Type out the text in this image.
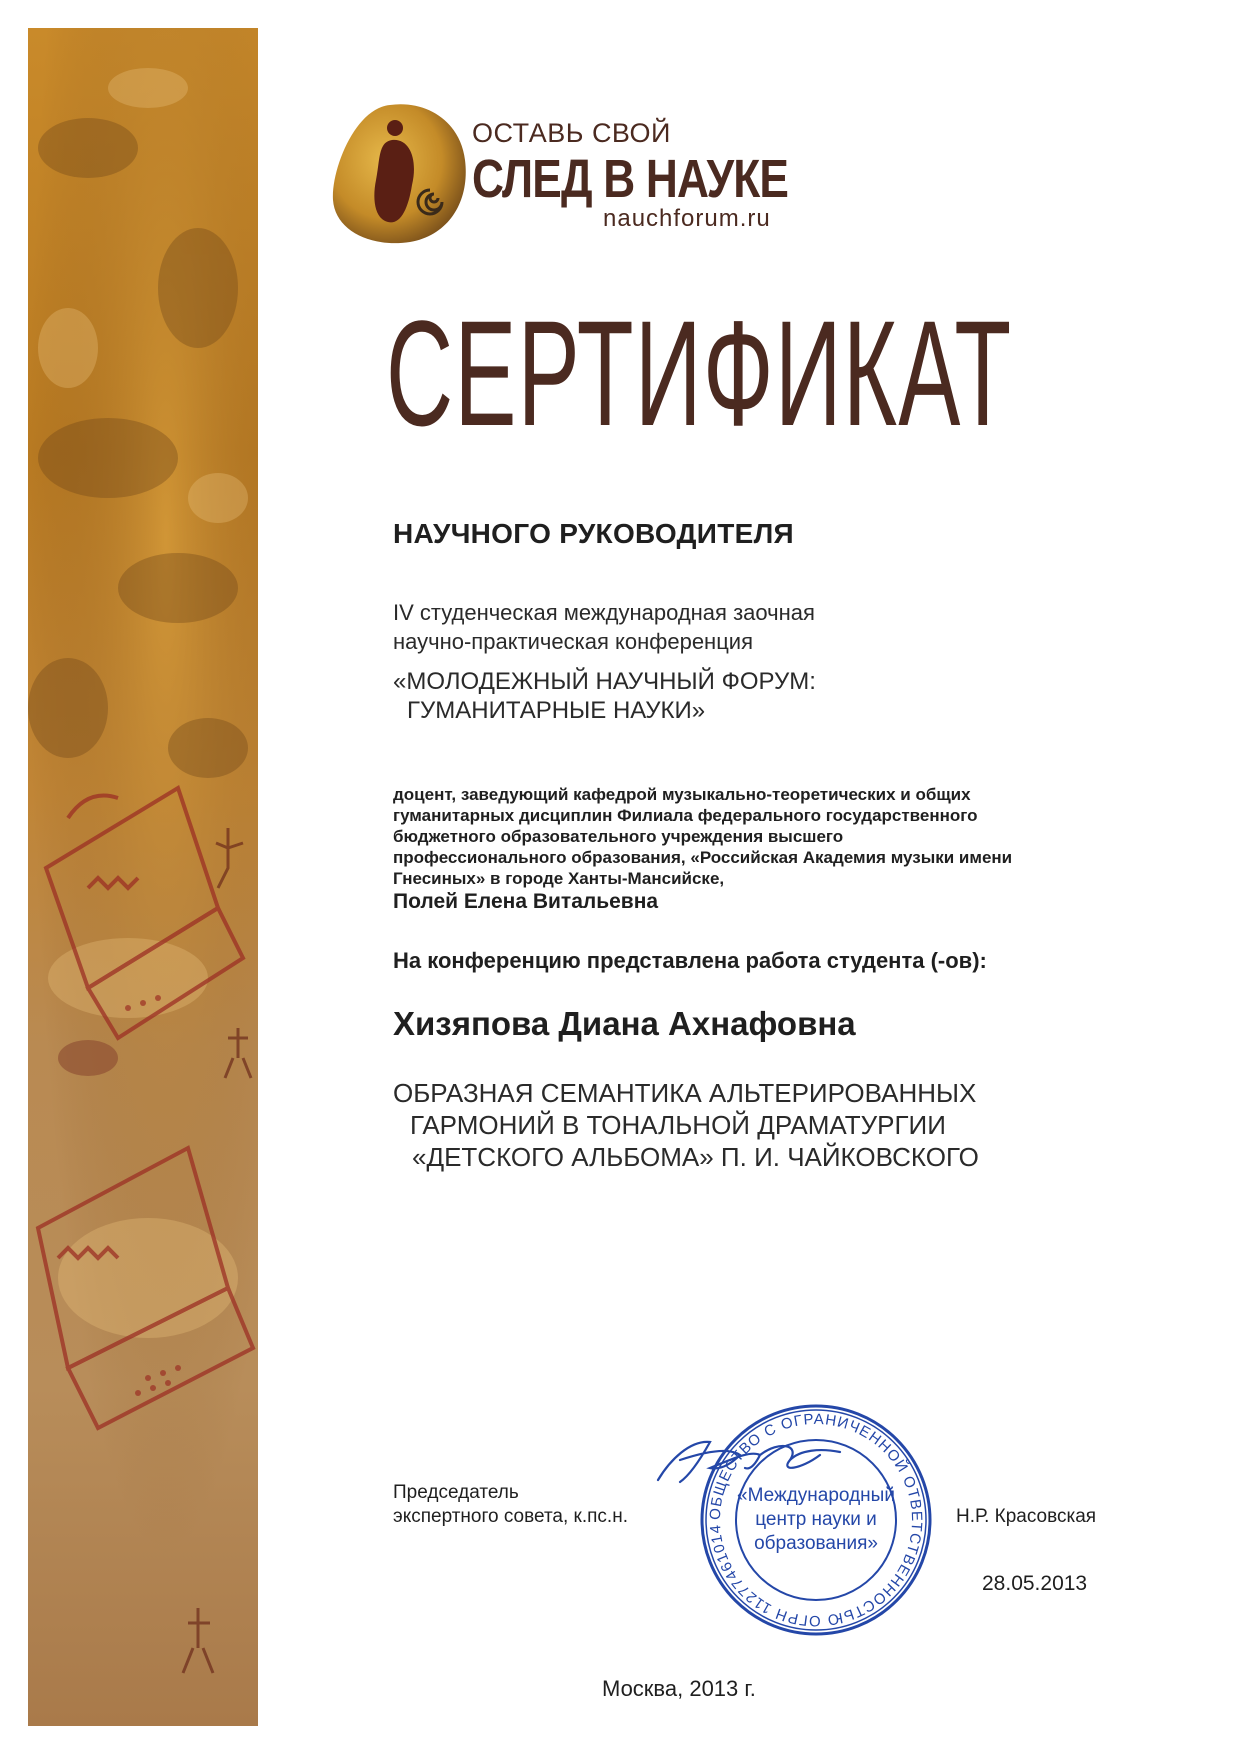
ОСТАВЬ СВОЙ
СЛЕД В НАУКЕ
nauchforum.ru
СЕРТИФИКАТ
НАУЧНОГО РУКОВОДИТЕЛЯ
IV студенческая международная заочная
научно-практическая конференция
«МОЛОДЕЖНЫЙ НАУЧНЫЙ ФОРУМ:
ГУМАНИТАРНЫЕ НАУКИ»
доцент, заведующий кафедрой музыкально-теоретических и общих
гуманитарных дисциплин Филиала федерального государственного
бюджетного образовательного учреждения высшего
профессионального образования, «Российская Академия музыки имени
Гнесиных» в городе Ханты-Мансийске,
Полей Елена Витальевна
На конференцию представлена работа студента (-ов):
Хизяпова Диана Ахнафовна
ОБРАЗНАЯ СЕМАНТИКА АЛЬТЕРИРОВАННЫХ
ГАРМОНИЙ В ТОНАЛЬНОЙ ДРАМАТУРГИИ
«ДЕТСКОГО АЛЬБОМА» П. И. ЧАЙКОВСКОГО
Председатель
экспертного совета, к.пс.н.	ОБЩЕСТВО С ОГРАНИЧЕННОЙ ОТВЕТСТВЕННОСТЬЮ ОГРН 11277461014
«Международный
центр науки и
образования»
Н.Р. Красовская
28.05.2013
Москва, 2013 г.
